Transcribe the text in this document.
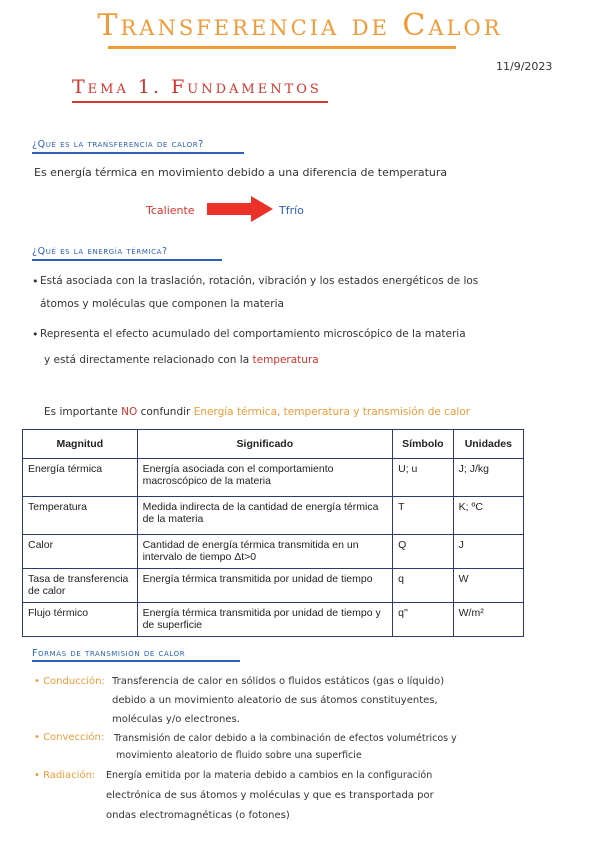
Transferencia de Calor
11/9/2023
Tema 1. Fundamentos
¿Qué es la transferencia de calor?
Es energía térmica en movimiento debido a una diferencia de temperatura
Tcaliente	Tfrío
¿Qué es la energía térmica?
• Está asociada con la traslación, rotación, vibración y los estados energéticos de los
átomos y moléculas que componen la materia
• Representa el efecto acumulado del comportamiento microscópico de la materia
y está directamente relacionado con la temperatura
Es importante NO confundir Energía térmica, temperatura y transmisión de calor
Magnitud	Significado	Símbolo	Unidades
Energía térmica	Energía asociada con el comportamiento macroscópico de la materia	U; u	J; J/kg
Temperatura	Medida indirecta de la cantidad de energía térmica de la materia	T	K; ºC
Calor	Cantidad de energía térmica transmitida en un intervalo de tiempo Δt>0	Q	J
Tasa de transferencia de calor	Energía térmica transmitida por unidad de tiempo	q	W
Flujo térmico	Energía térmica transmitida por unidad de tiempo y de superficie	q''	W/m²
Formas de transmisión de calor
• Conducción: Transferencia de calor en sólidos o fluidos estáticos (gas o líquido)
debido a un movimiento aleatorio de sus átomos constituyentes,
moléculas y/o electrones.
• Convección: Transmisión de calor debido a la combinación de efectos volumétricos y
movimiento aleatorio de fluido sobre una superficie
• Radiación: Energía emitida por la materia debido a cambios en la configuración
electrónica de sus átomos y moléculas y que es transportada por
ondas electromagnéticas (o fotones)
